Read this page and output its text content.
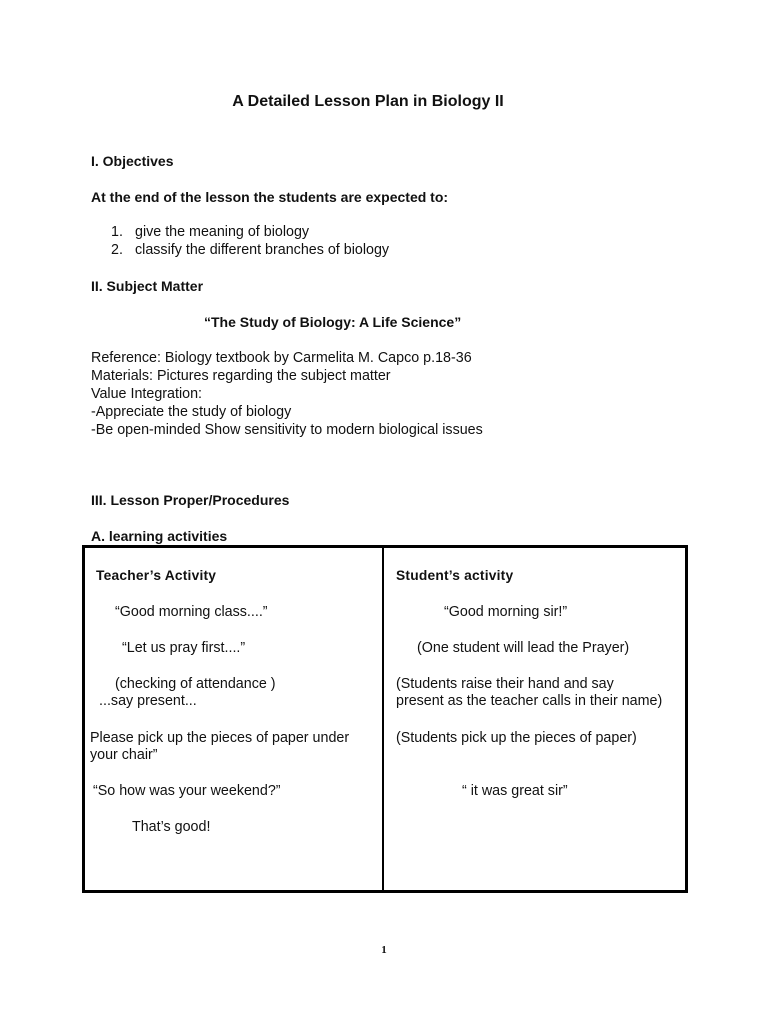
A Detailed Lesson Plan in Biology II
I. Objectives
At the end of the lesson the students are expected to:
1. give the meaning of biology
2. classify the different branches of biology
II. Subject Matter
“The Study of Biology: A Life Science”
Reference: Biology textbook by Carmelita M. Capco p.18-36
Materials: Pictures regarding the subject matter
Value Integration:
-Appreciate the study of biology
-Be open-minded Show sensitivity to modern biological issues
III. Lesson Proper/Procedures
A. learning activities
Teacher’s Activity
“Good morning class....”
“Let us pray first....”
(checking of attendance )
...say present...
Please pick up the pieces of paper under
your chair”
“So how was your weekend?”
That’s good!
Student’s activity
“Good morning sir!”
(One student will lead the Prayer)
(Students raise their hand and say
present as the teacher calls in their name)
(Students pick up the pieces of paper)
“ it was great sir”
1
